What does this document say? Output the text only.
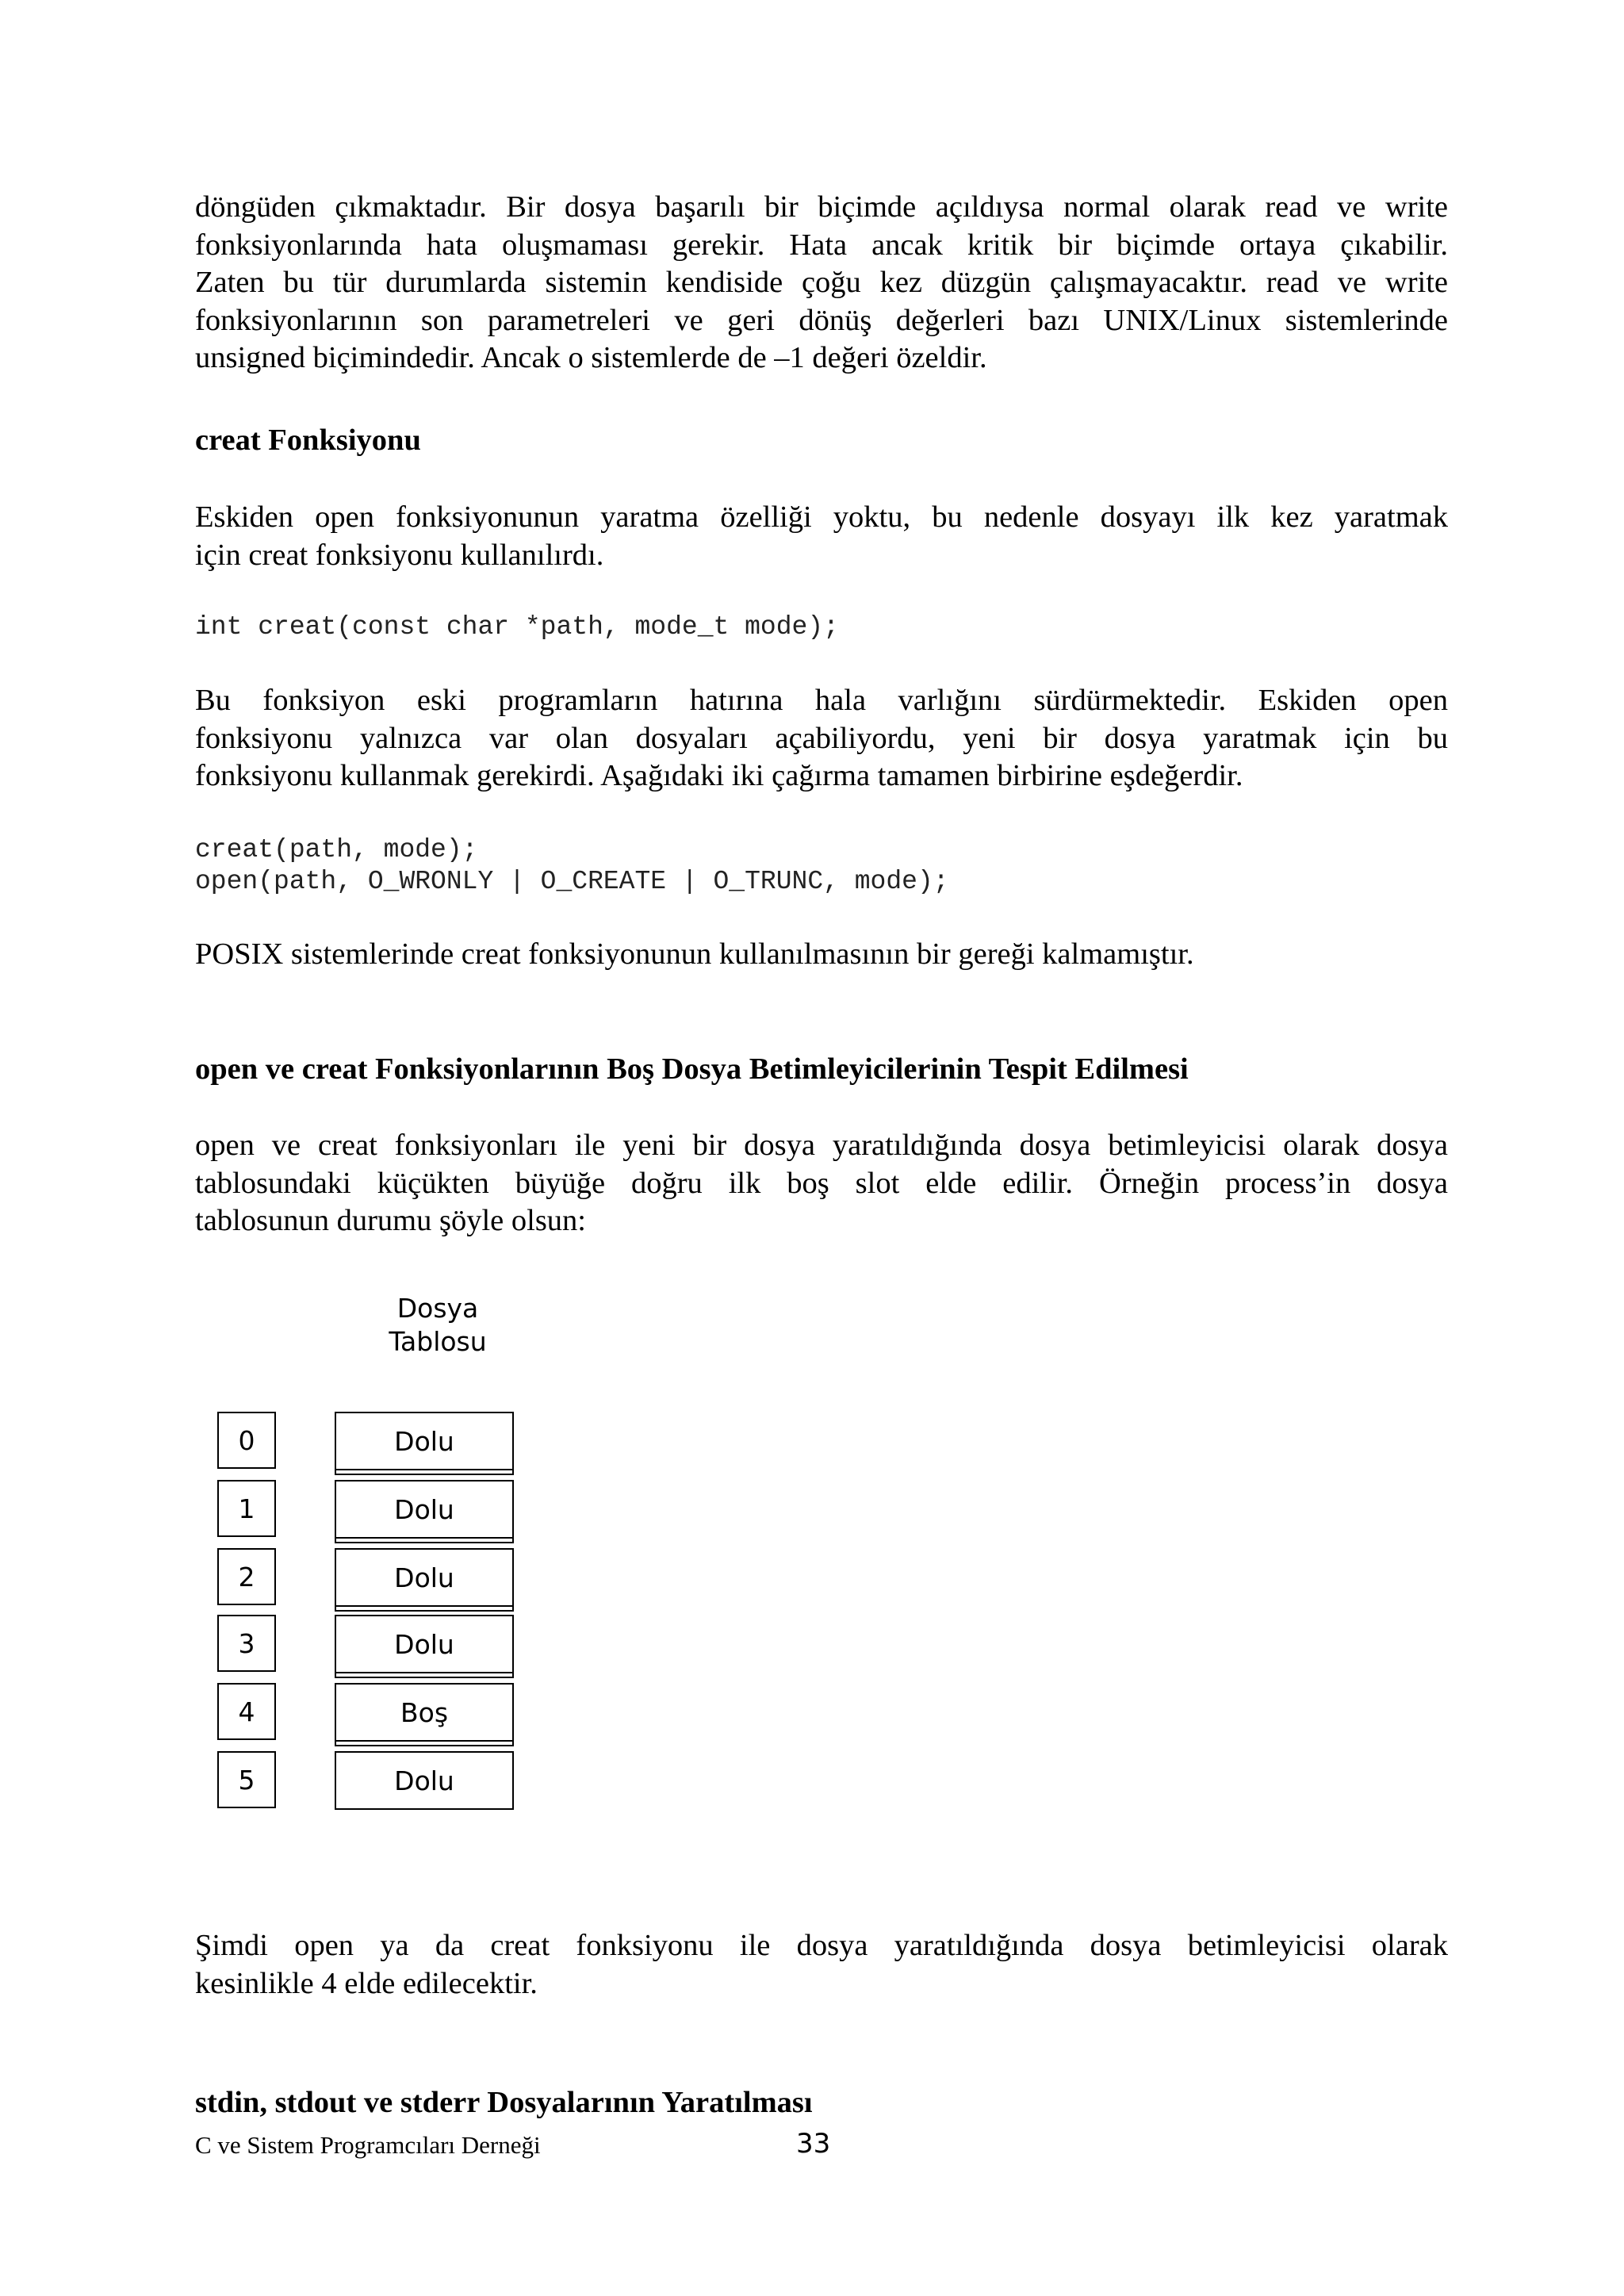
döngüden çıkmaktadır. Bir dosya başarılı bir biçimde açıldıysa normal olarak read ve write
fonksiyonlarında hata oluşmaması gerekir. Hata ancak kritik bir biçimde ortaya çıkabilir.
Zaten bu tür durumlarda sistemin kendiside çoğu kez düzgün çalışmayacaktır. read ve write
fonksiyonlarının son parametreleri ve geri dönüş değerleri bazı UNIX/Linux sistemlerinde
unsigned biçimindedir. Ancak o sistemlerde de –1 değeri özeldir.
creat Fonksiyonu
Eskiden open fonksiyonunun yaratma özelliği yoktu, bu nedenle dosyayı ilk kez yaratmak
için creat fonksiyonu kullanılırdı.
int creat(const char *path, mode_t mode);
Bu fonksiyon eski programların hatırına hala varlığını sürdürmektedir. Eskiden open
fonksiyonu yalnızca var olan dosyaları açabiliyordu, yeni bir dosya yaratmak için bu
fonksiyonu kullanmak gerekirdi. Aşağıdaki iki çağırma tamamen birbirine eşdeğerdir.
creat(path, mode);
open(path, O_WRONLY | O_CREATE | O_TRUNC, mode);
POSIX sistemlerinde creat fonksiyonunun kullanılmasının bir gereği kalmamıştır.
open ve creat Fonksiyonlarının Boş Dosya Betimleyicilerinin Tespit Edilmesi
open ve creat fonksiyonları ile yeni bir dosya yaratıldığında dosya betimleyicisi olarak dosya
tablosundaki küçükten büyüğe doğru ilk boş slot elde edilir. Örneğin process’in dosya
tablosunun durumu şöyle olsun:
Dosya
Tablosu
0	Dolu
1	Dolu
2	Dolu
3	Dolu
4	Boş
5	Dolu
Şimdi open ya da creat fonksiyonu ile dosya yaratıldığında dosya betimleyicisi olarak
kesinlikle 4 elde edilecektir.
stdin, stdout ve stderr Dosyalarının Yaratılması
C ve Sistem Programcıları Derneği	33
